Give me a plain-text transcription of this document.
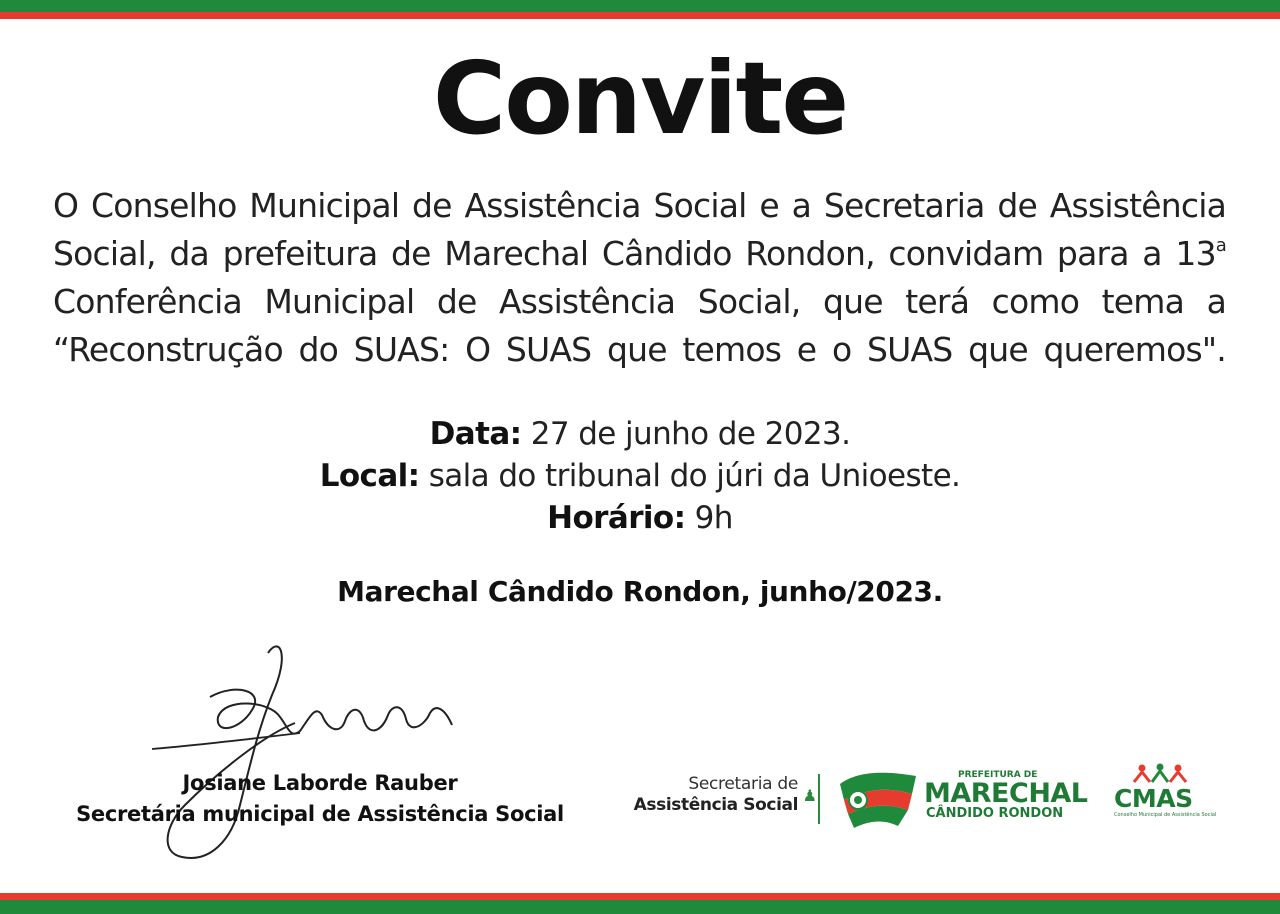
Convite
O Conselho Municipal de Assistência Social e a Secretaria de Assistência Social, da prefeitura de Marechal Cândido Rondon, convidam para a 13$^a$ Conferência Municipal de Assistência Social, que terá como tema a “Reconstrução do SUAS: O SUAS que temos e o SUAS que queremos".
Data: 27 de junho de 2023.
Local: sala do tribunal do júri da Unioeste.
Horário: 9h
Marechal Cândido Rondon, junho/2023.
Josiane Laborde Rauber
Secretária municipal de Assistência Social
Secretaria de
Assistência Social ♟
PREFEITURA DE
MARECHAL
CÂNDIDO RONDON
CMAS
Conselho Municipal de Assistência Social
